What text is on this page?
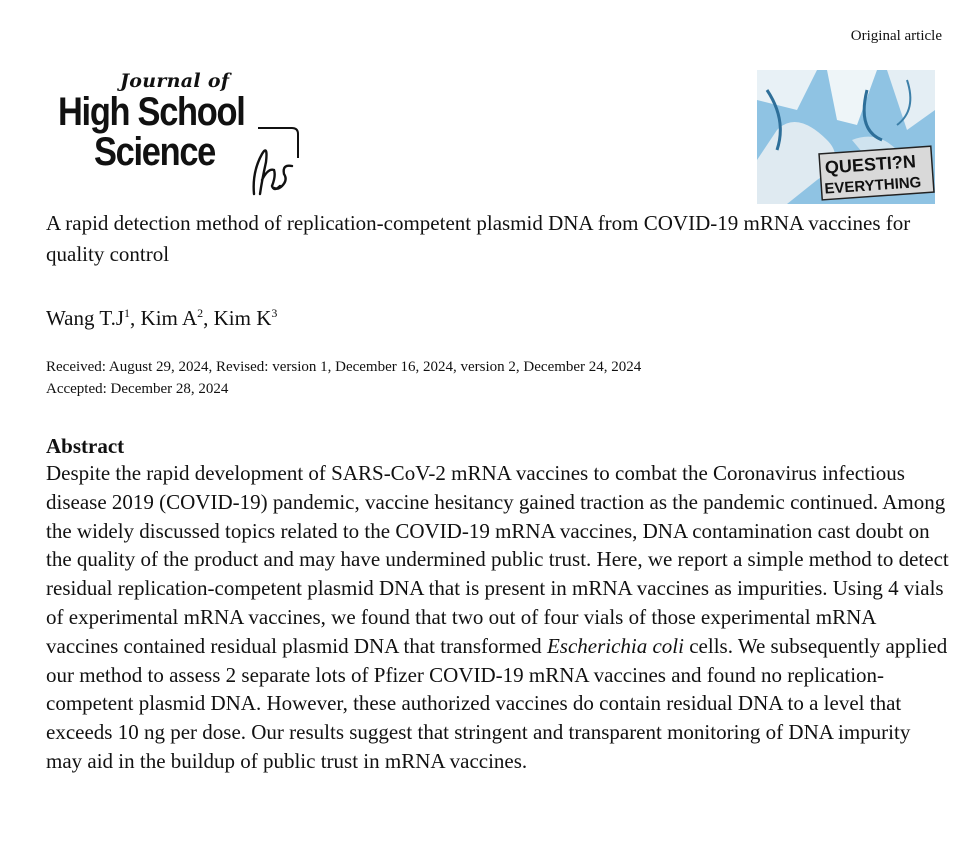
Original article
Journal of
High School
Science	QUESTI?N
EVERYTHING
A rapid detection method of replication-competent plasmid DNA from COVID-19 mRNA vaccines for quality control
Wang $T.J^1$, Kim $A^2$, Kim $K^3$
Received: August 29, 2024, Revised: version 1, December 16, 2024, version 2, December 24, 2024
Accepted: December 28, 2024
Abstract

Despite the rapid development of SARS-CoV-2 mRNA vaccines to combat the Coronavirus infectious disease 2019 (COVID-19) pandemic, vaccine hesitancy gained traction as the pandemic continued. Among the widely discussed topics related to the COVID-19 mRNA vaccines, DNA contamination cast doubt on the quality of the product and may have undermined public trust. Here, we report a simple method to detect residual replication-competent plasmid DNA that is present in mRNA vaccines as impurities. Using 4 vials of experimental mRNA vaccines, we found that two out of four vials of those experimental mRNA vaccines contained residual plasmid DNA that transformed Escherichia coli cells. We subsequently applied our method to assess 2 separate lots of Pfizer COVID-19 mRNA vaccines and found no replication-competent plasmid DNA. However, these authorized vaccines do contain residual DNA to a level that exceeds 10 ng per dose. Our results suggest that stringent and transparent monitoring of DNA impurity may aid in the buildup of public trust in mRNA vaccines.
